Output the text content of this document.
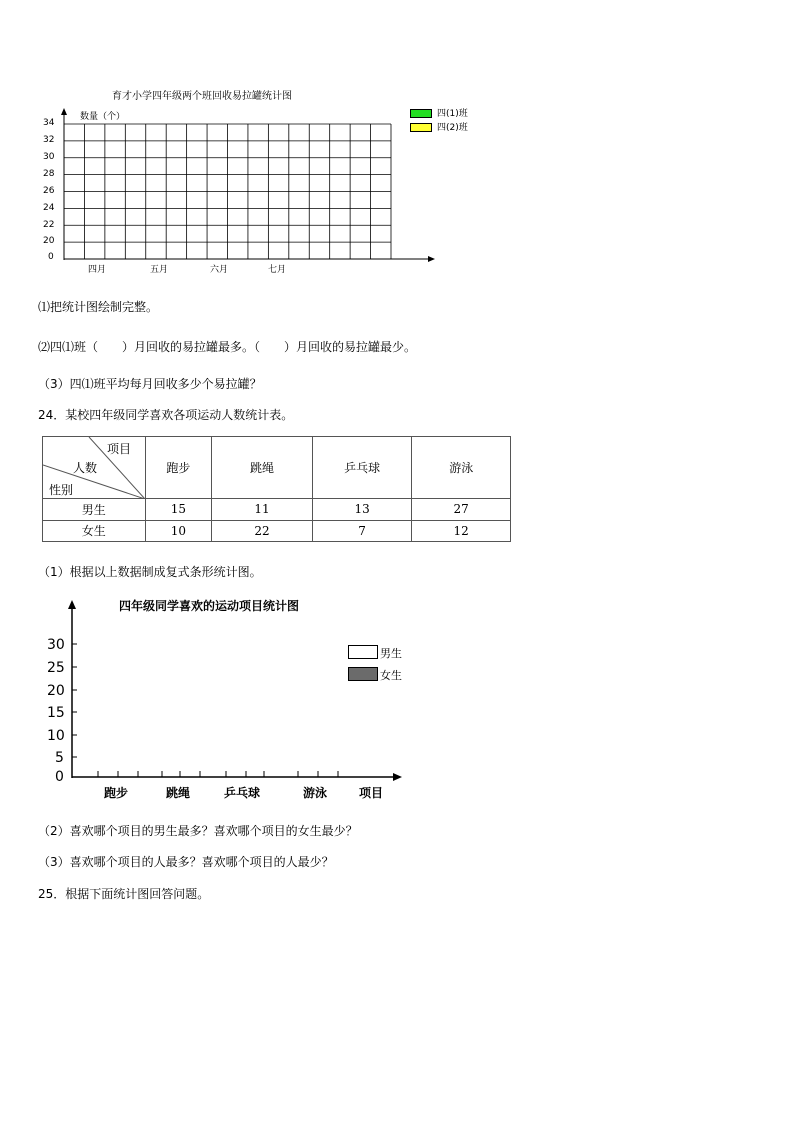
育才小学四年级两个班回收易拉罐统计图
数量（个）
34
32
30
28
26
24
22
20
0
四月	五月	六月	七月
四(1)班
四(2)班
⑴把统计图绘制完整。
⑵四⑴班（　　）月回收的易拉罐最多。（　　）月回收的易拉罐最少。
（3）四⑴班平均每月回收多少个易拉罐？
24．某校四年级同学喜欢各项运动人数统计表。
项目
人数
性别	跑步	跳绳	乒乓球	游泳
男生	15	11	13	27
女生	10	22	7	12
（1）根据以上数据制成复式条形统计图。
四年级同学喜欢的运动项目统计图
30
25
20
15
10
5
0
跑步	跳绳	乒乓球	游泳	项目
男生
女生
（2）喜欢哪个项目的男生最多？喜欢哪个项目的女生最少？
（3）喜欢哪个项目的人最多？喜欢哪个项目的人最少？
25．根据下面统计图回答问题。
